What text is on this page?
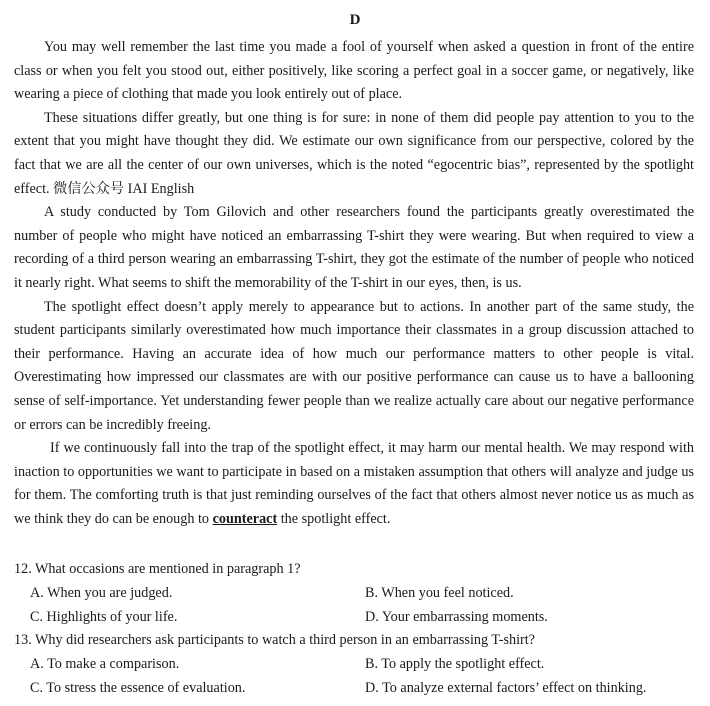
D

You may well remember the last time you made a fool of yourself when asked a question in front of the entire class or when you felt you stood out, either positively, like scoring a perfect goal in a soccer game, or negatively, like wearing a piece of clothing that made you look entirely out of place.

These situations differ greatly, but one thing is for sure: in none of them did people pay attention to you to the extent that you might have thought they did. We estimate our own significance from our perspective, colored by the fact that we are all the center of our own universes, which is the noted “egocentric bias”, represented by the spotlight effect. 微信公众号 IAI English

A study conducted by Tom Gilovich and other researchers found the participants greatly overestimated the number of people who might have noticed an embarrassing T-shirt they were wearing. But when required to view a recording of a third person wearing an embarrassing T-shirt, they got the estimate of the number of people who noticed it nearly right. What seems to shift the memorability of the T-shirt in our eyes, then, is us.

The spotlight effect doesn’t apply merely to appearance but to actions. In another part of the same study, the student participants similarly overestimated how much importance their classmates in a group discussion attached to their performance. Having an accurate idea of how much our performance matters to other people is vital. Overestimating how impressed our classmates are with our positive performance can cause us to have a ballooning sense of self-importance. Yet understanding fewer people than we realize actually care about our negative performance or errors can be incredibly freeing.

If we continuously fall into the trap of the spotlight effect, it may harm our mental health. We may respond with inaction to opportunities we want to participate in based on a mistaken assumption that others will analyze and judge us for them. The comforting truth is that just reminding ourselves of the fact that others almost never notice us as much as we think they do can be enough to counteract the spotlight effect.

12. What occasions are mentioned in paragraph 1?

A. When you are judged.	B. When you feel noticed.

C. Highlights of your life.	D. Your embarrassing moments.

13. Why did researchers ask participants to watch a third person in an embarrassing T-shirt?

A. To make a comparison.	B. To apply the spotlight effect.

C. To stress the essence of evaluation.	D. To analyze external factors’ effect on thinking.
